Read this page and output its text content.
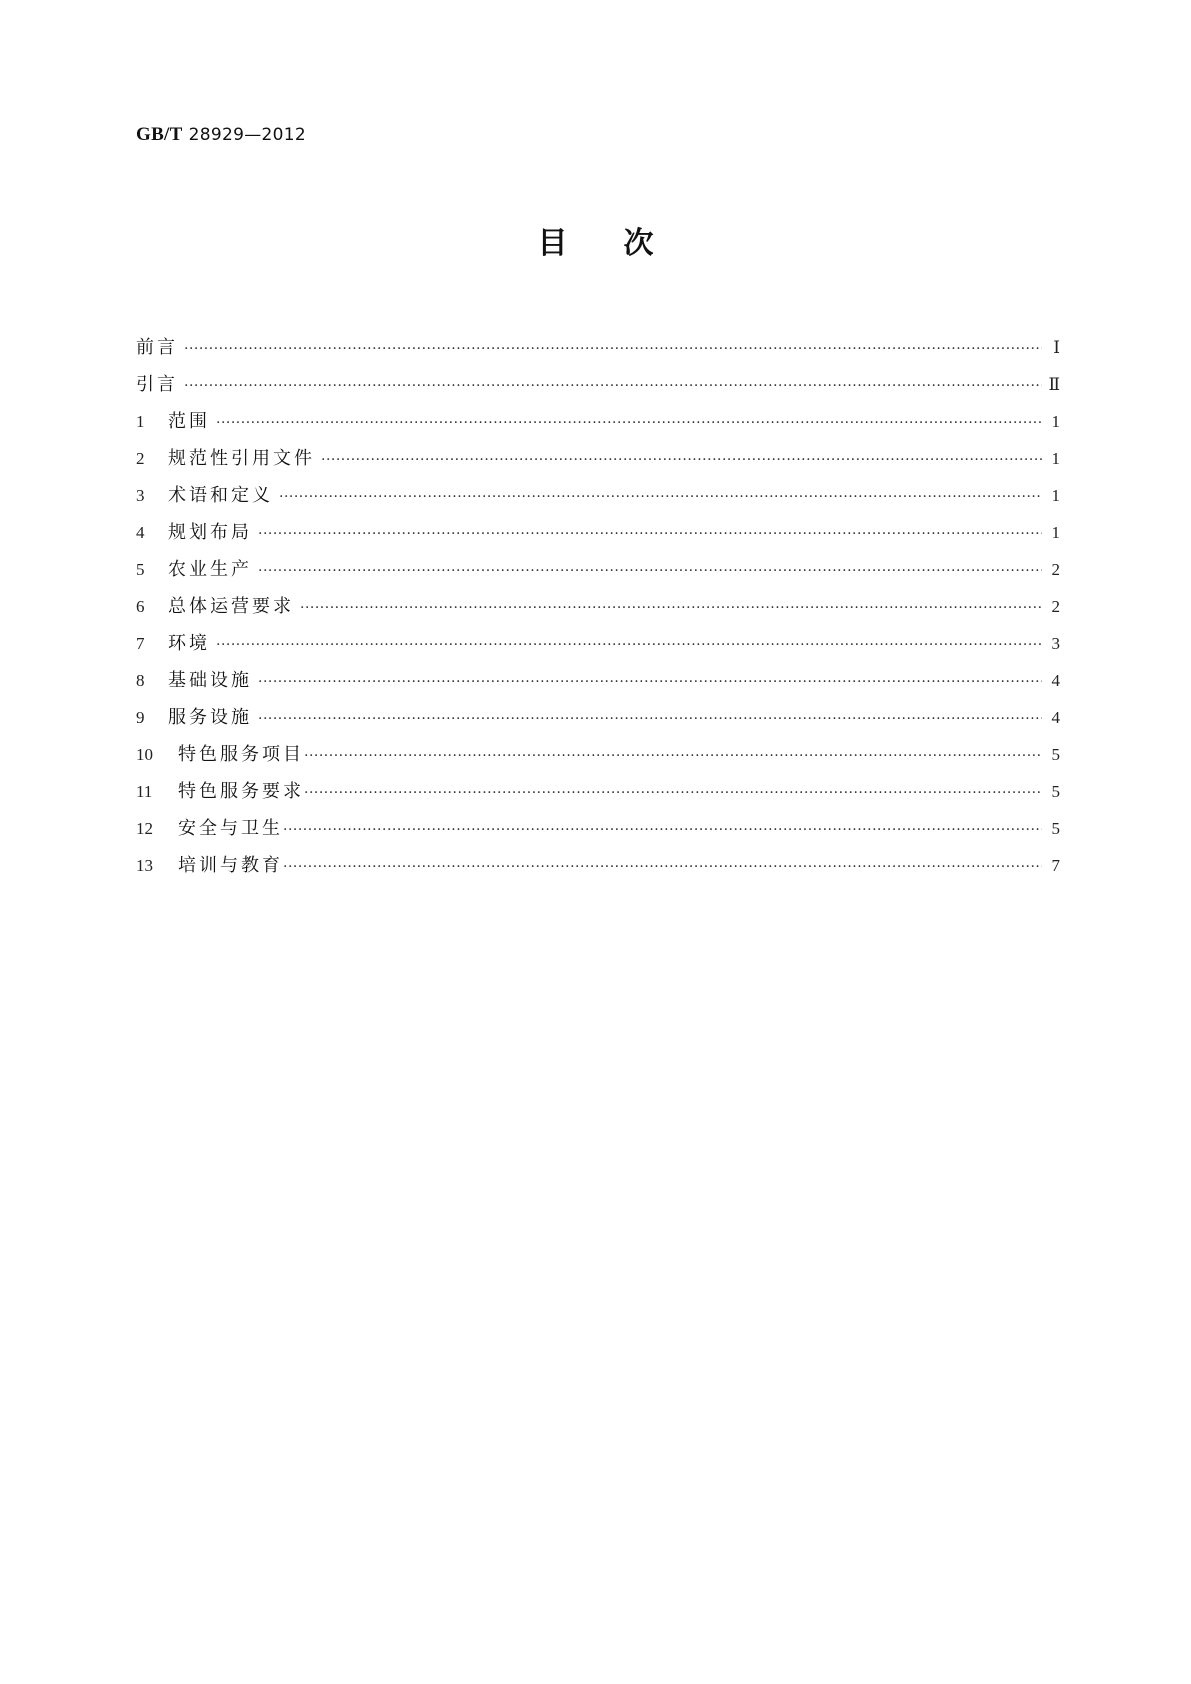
GB/T 28929—2012
目 次
前言 ·····	Ⅰ
引言 ·····	Ⅱ
1	范围 ·····	1
2	规范性引用文件 ·····	1
3	术语和定义 ·····	1
4	规划布局 ·····	1
5	农业生产 ·····	2
6	总体运营要求 ·····	2
7	环境 ·····	3
8	基础设施 ·····	4
9	服务设施 ·····	4
10	特色服务项目 ·····	5
11	特色服务要求 ·····	5
12	安全与卫生 ·····	5
13	培训与教育 ·····	7
